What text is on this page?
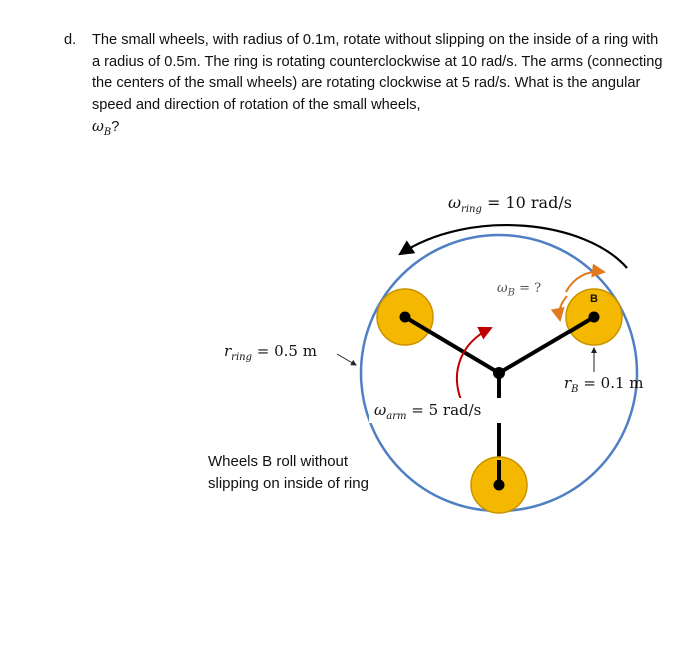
d. The small wheels, with radius of 0.1m, rotate without slipping on the inside of a ring with a radius of 0.5m. The ring is rotating counterclockwise at 10 rad/s. The arms (connecting the centers of the small wheels) are rotating clockwise at 5 rad/s. What is the angular speed and direction of rotation of the small wheels,
$\omega_B$?
$\omega_{ring} = 10$ rad/s
$\omega_B$ = ?
B
$r_{ring} = 0.5$ m
$r_B = 0.1$ m
$\omega_{arm} = 5$ rad/s
Wheels B roll without
slipping on inside of ring
